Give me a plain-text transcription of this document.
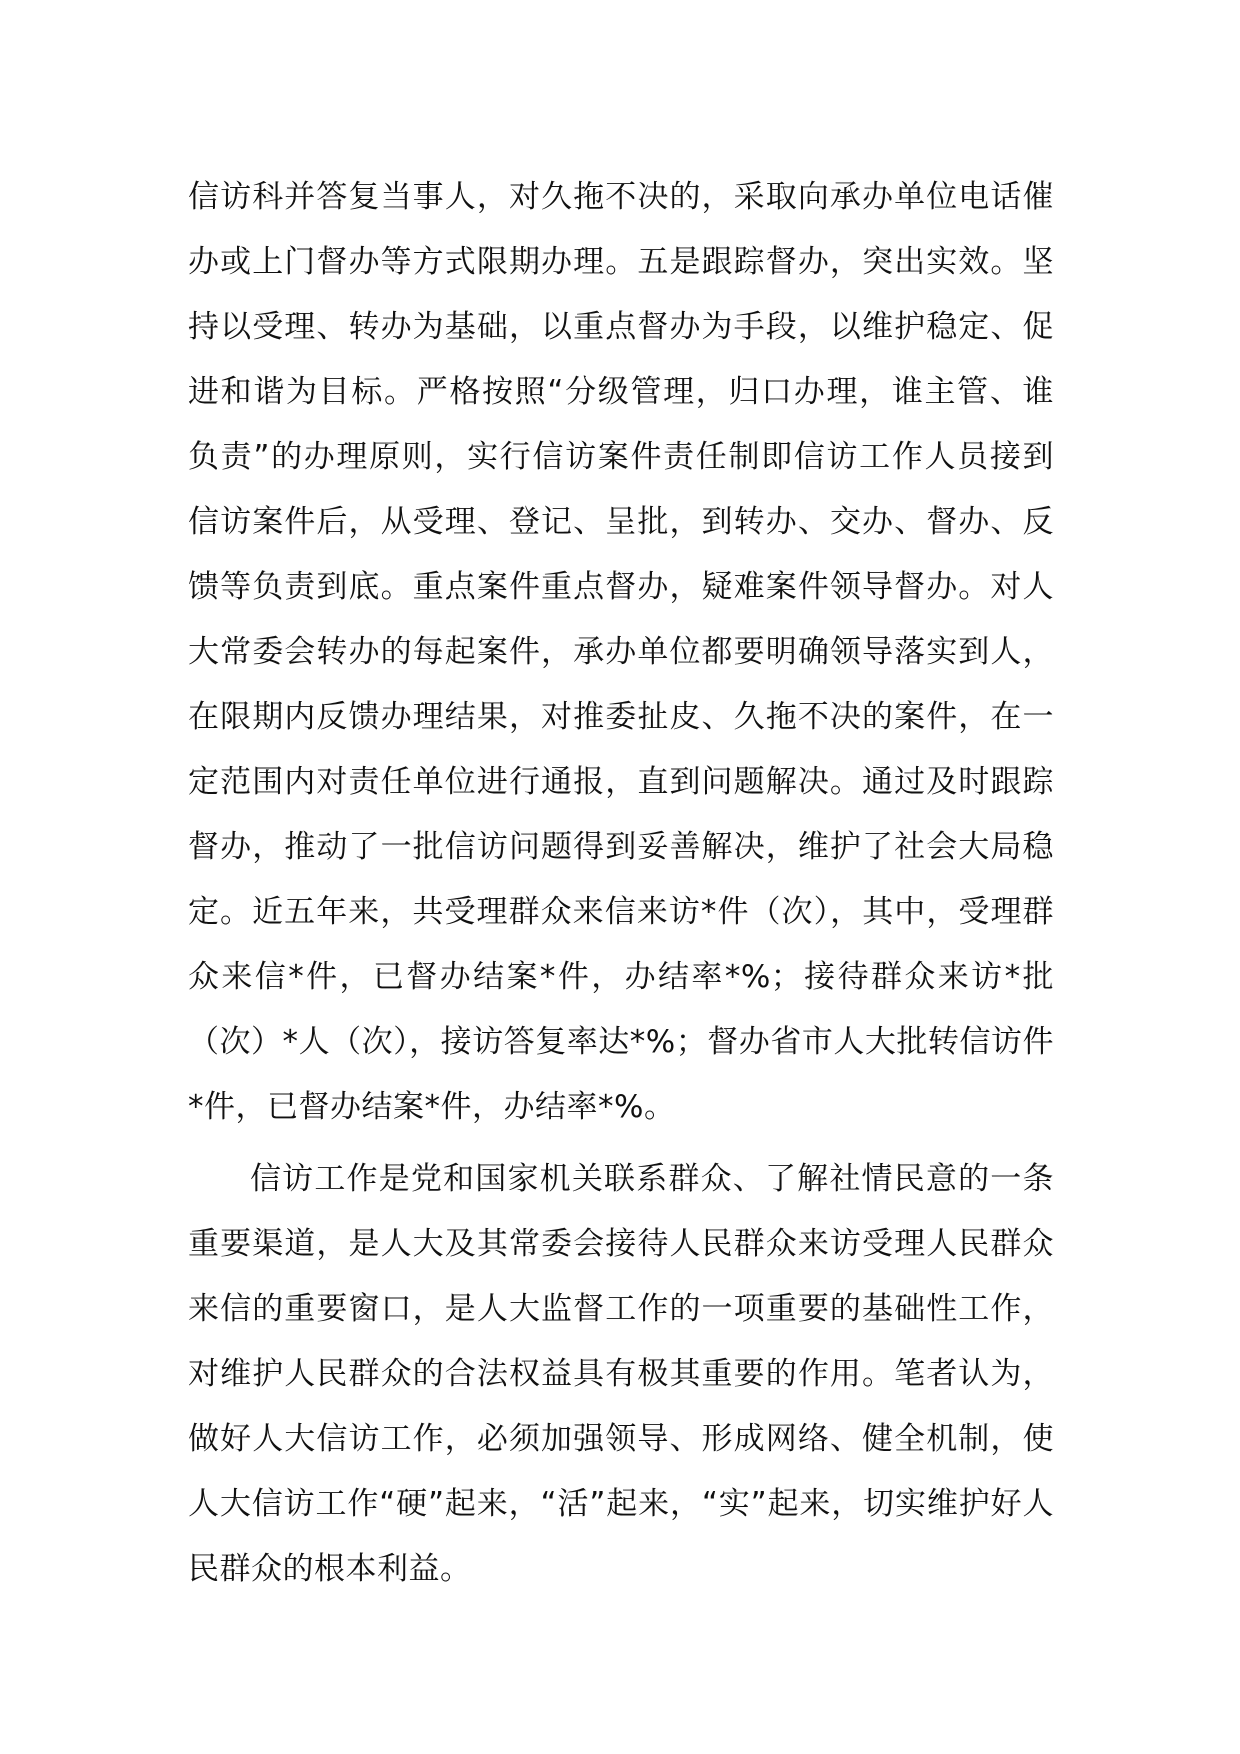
信访科并答复当事人，对久拖不决的，采取向承办单位电话催办或上门督办等方式限期办理。五是跟踪督办，突出实效。坚持以受理、转办为基础，以重点督办为手段，以维护稳定、促进和谐为目标。严格按照“分级管理，归口办理，谁主管、谁负责”的办理原则，实行信访案件责任制即信访工作人员接到信访案件后，从受理、登记、呈批，到转办、交办、督办、反馈等负责到底。重点案件重点督办，疑难案件领导督办。对人大常委会转办的每起案件，承办单位都要明确领导落实到人，在限期内反馈办理结果，对推委扯皮、久拖不决的案件，在一定范围内对责任单位进行通报，直到问题解决。通过及时跟踪督办，推动了一批信访问题得到妥善解决，维护了社会大局稳定。近五年来，共受理群众来信来访*件（次），其中，受理群众来信*件，已督办结案*件，办结率*%；接待群众来访*批（次）*人（次），接访答复率达*%；督办省市人大批转信访件*件，已督办结案*件，办结率*%。

信访工作是党和国家机关联系群众、了解社情民意的一条重要渠道，是人大及其常委会接待人民群众来访受理人民群众来信的重要窗口，是人大监督工作的一项重要的基础性工作，对维护人民群众的合法权益具有极其重要的作用。笔者认为，做好人大信访工作，必须加强领导、形成网络、健全机制，使人大信访工作“硬”起来，“活”起来，“实”起来，切实维护好人民群众的根本利益。
